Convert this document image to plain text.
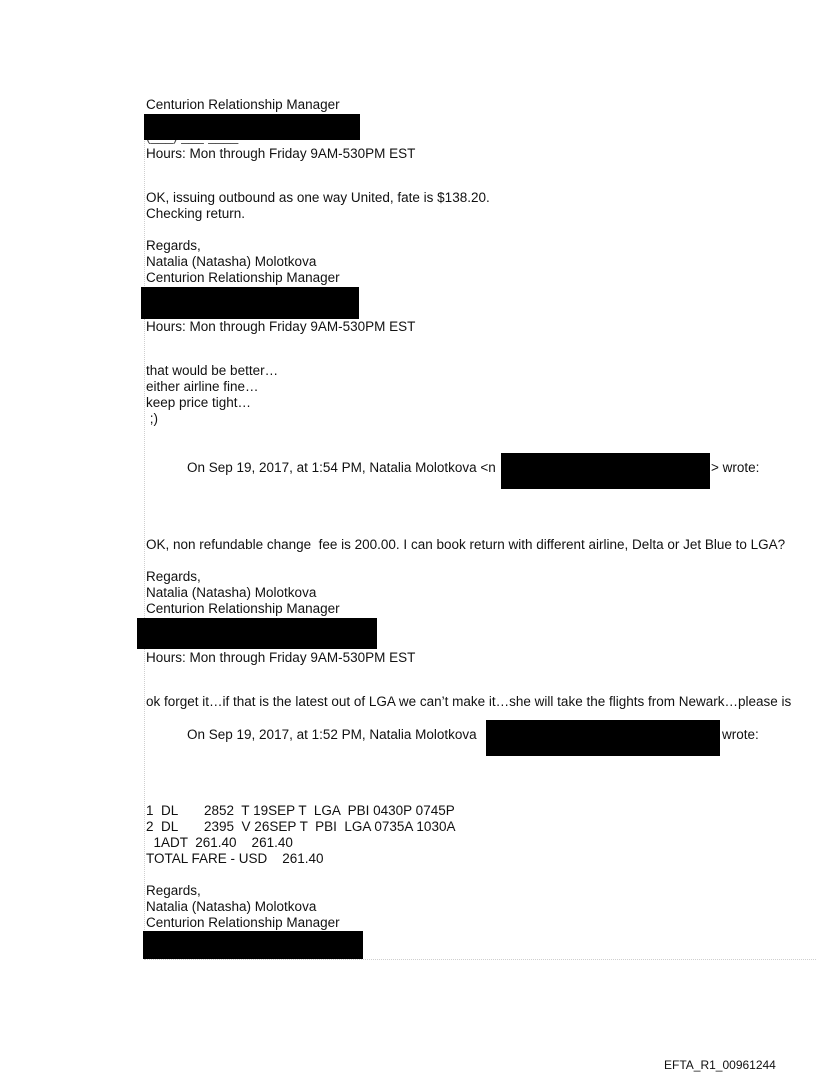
Centurion Relationship Manager
Hours: Mon through Friday 9AM-530PM EST
OK, issuing outbound as one way United, fate is $138.20.
Checking return.
Regards,
Natalia (Natasha) Molotkova
Centurion Relationship Manager
Hours: Mon through Friday 9AM-530PM EST
that would be better…
either airline fine…
keep price tight…
;)
On Sep 19, 2017, at 1:54 PM, Natalia Molotkova <n	> wrote:
OK, non refundable change  fee is 200.00. I can book return with different airline, Delta or Jet Blue to LGA?
Regards,
Natalia (Natasha) Molotkova
Centurion Relationship Manager
Hours: Mon through Friday 9AM-530PM EST
ok forget it…if that is the latest out of LGA we can’t make it…she will take the flights from Newark…please is
On Sep 19, 2017, at 1:52 PM, Natalia Molotkova	wrote:
1  DL       2852  T 19SEP T  LGA  PBI 0430P 0745P
2  DL       2395  V 26SEP T  PBI  LGA 0735A 1030A
1ADT  261.40    261.40
TOTAL FARE - USD    261.40
Regards,
Natalia (Natasha) Molotkova
Centurion Relationship Manager
EFTA_R1_00961244
